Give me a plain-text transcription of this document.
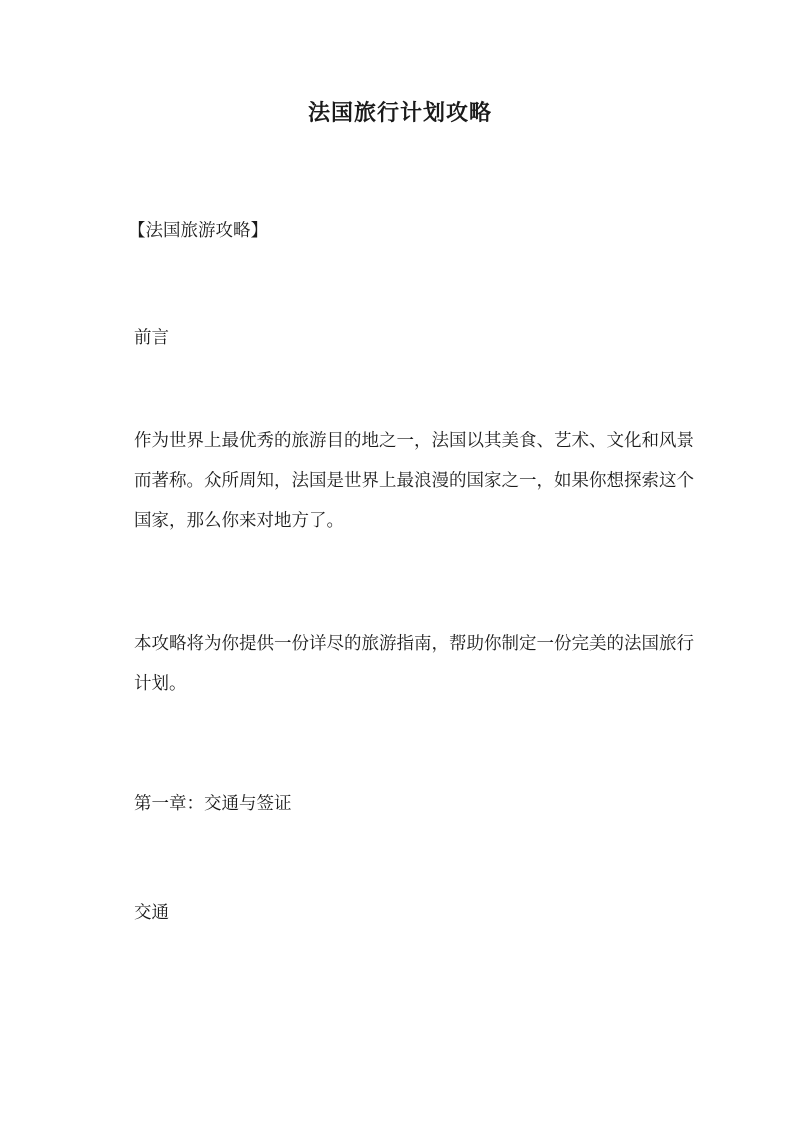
法国旅行计划攻略
【法国旅游攻略】
前言

作为世界上最优秀的旅游目的地之一，法国以其美食、艺术、文化和风景而著称。众所周知，法国是世界上最浪漫的国家之一，如果你想探索这个国家，那么你来对地方了。

本攻略将为你提供一份详尽的旅游指南，帮助你制定一份完美的法国旅行计划。

第一章：交通与签证
交通
